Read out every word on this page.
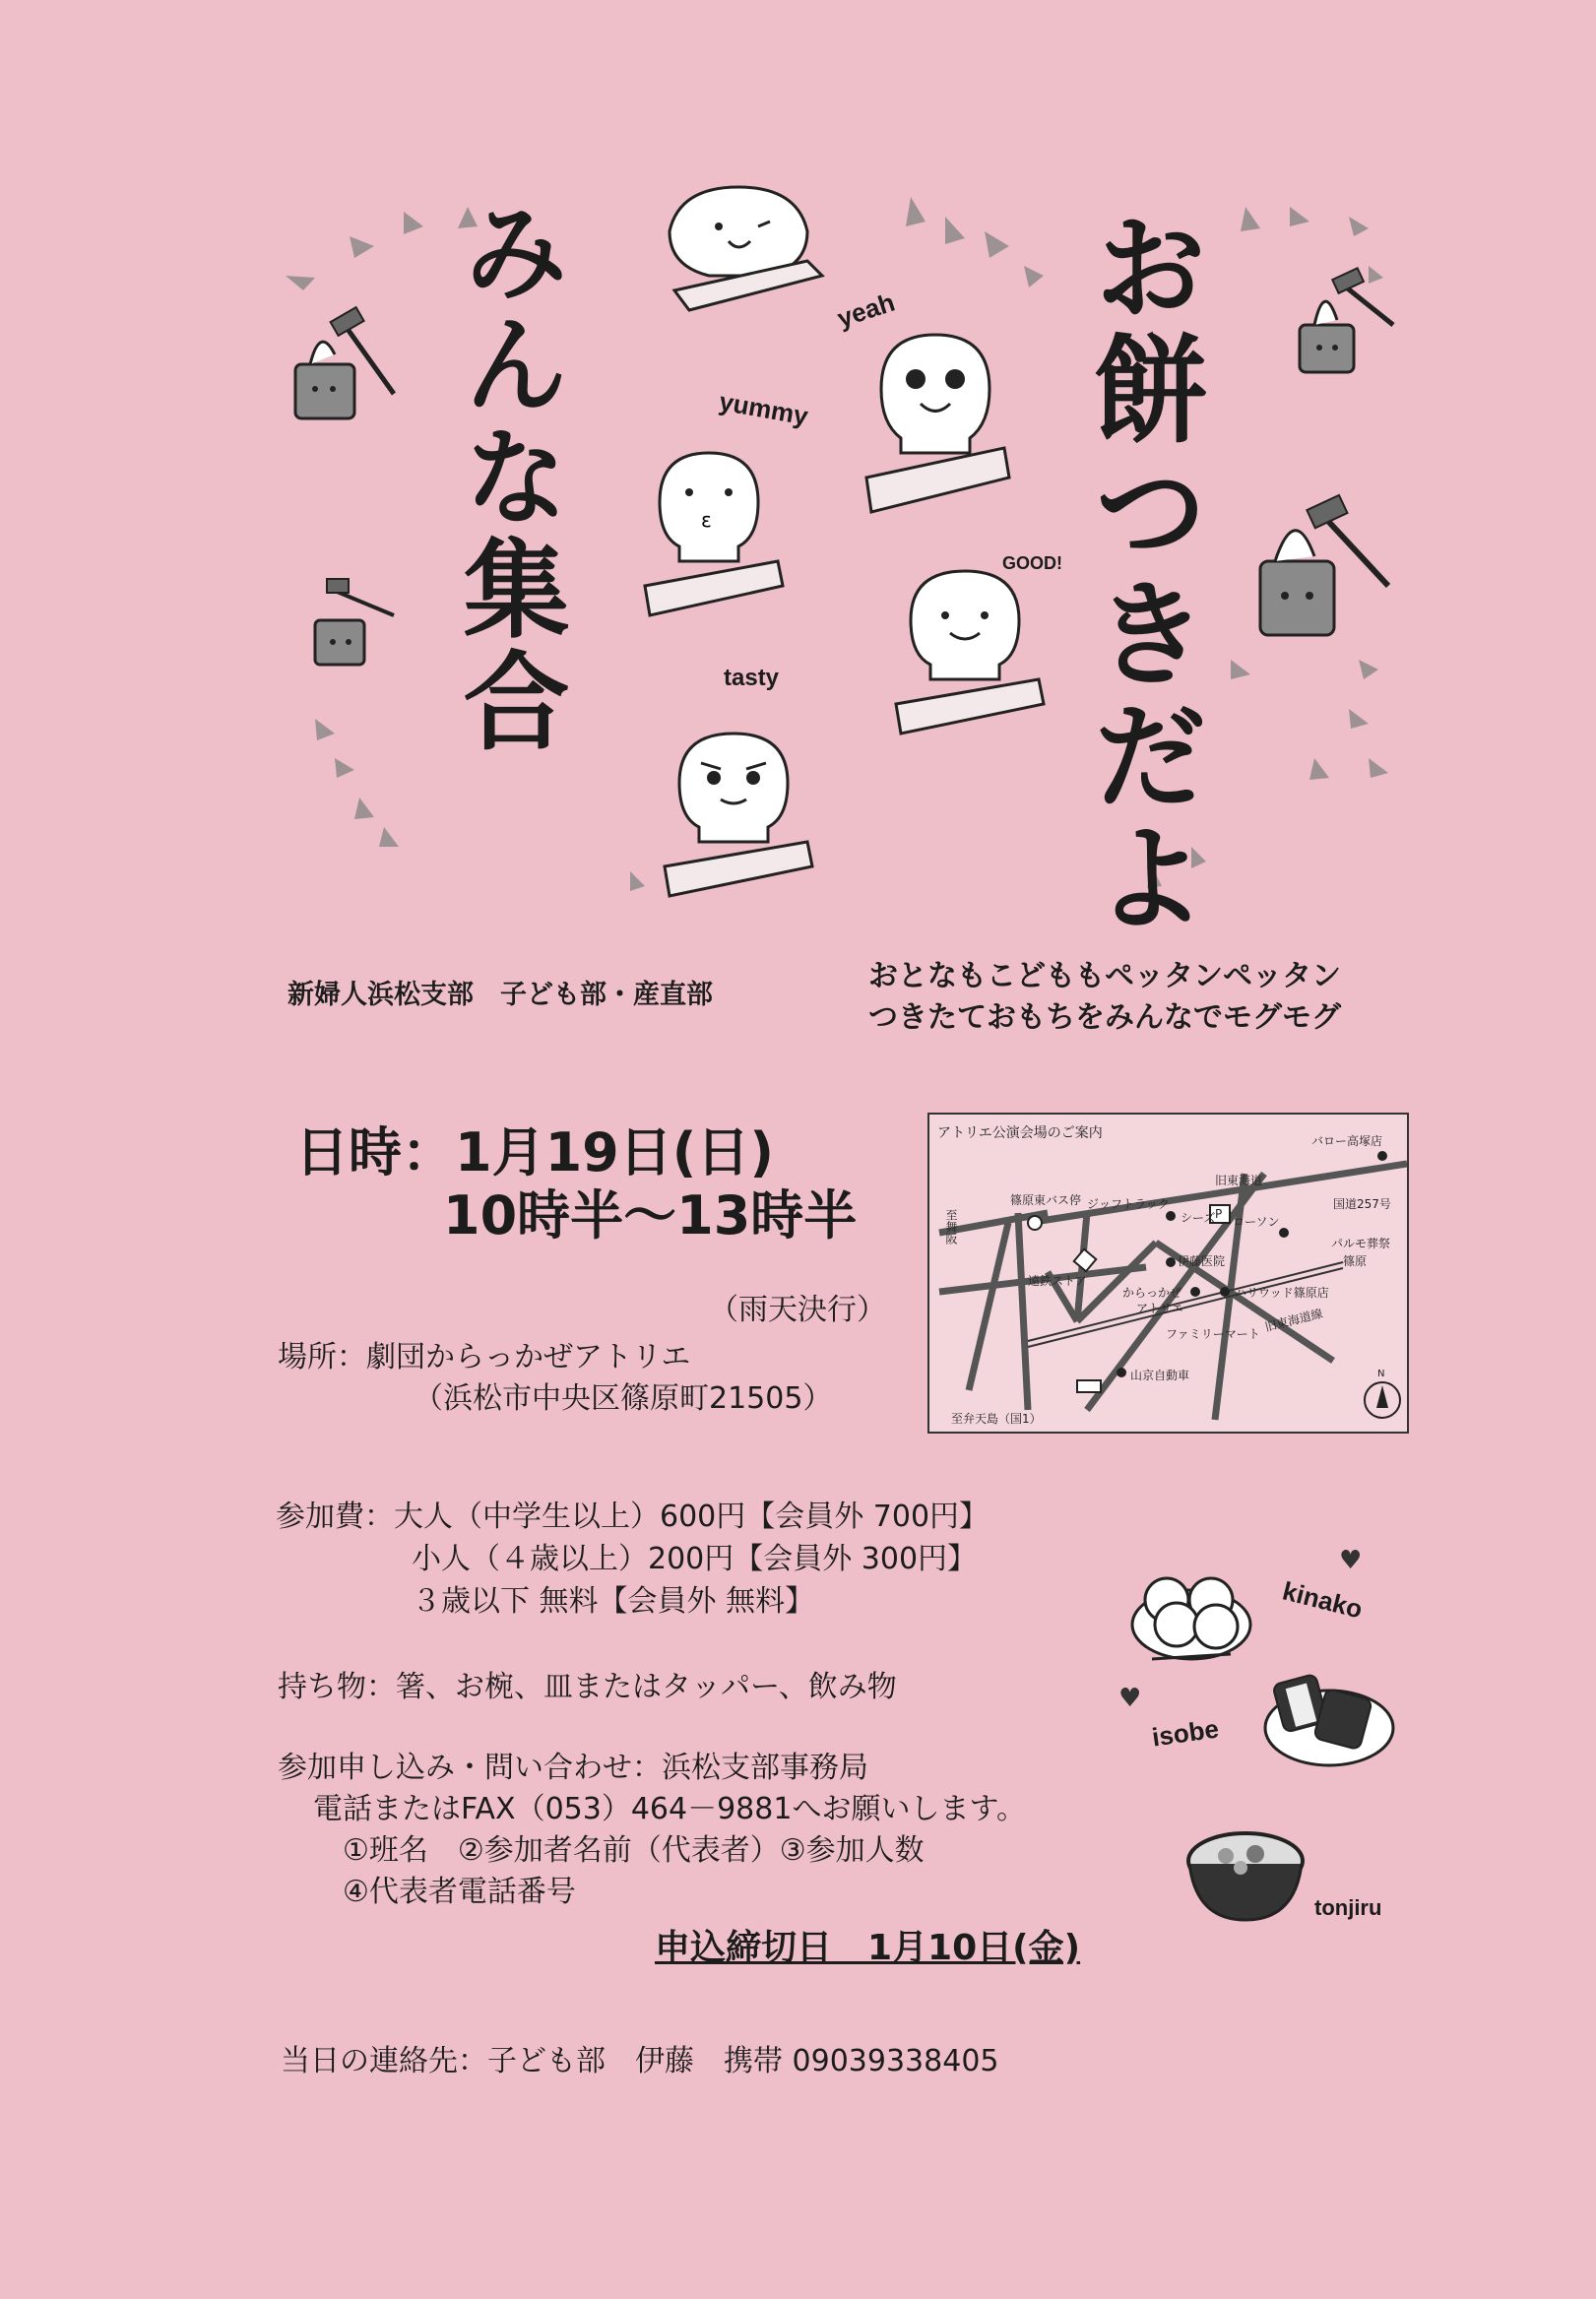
ε	お餅つきだよ
みんな集合	yeah
yummy
GOOD!
tasty
新婦人浜松支部　子ども部・産直部
おとなもこどももペッタンペッタン
つきたておもちをみんなでモグモグ
日時：1月19日(日)
10時半～13時半
（雨天決行）
場所：劇団からっかぜアトリエ
（浜松市中央区篠原町21505）
アトリエ公演会場のご案内	バロー高塚店
篠原東バス停 ジッフトラック
旧東海道
国道257号
シーズ ローソン
P
至舞阪	パルモ葬祭
篠原
伊藤医院
遠鉄ストア
からっかぜ
アトリエ
ハリウッド篠原店
ファミリーマート 旧東海道線
山京自動車
至弁天島（国1）
N
参加費：大人（中学生以上）600円【会員外 700円】
小人（４歳以上）200円【会員外 300円】
３歳以下 無料【会員外 無料】
持ち物：箸、お椀、皿またはタッパー、飲み物
参加申し込み・問い合わせ：浜松支部事務局
電話またはFAX（053）464－9881へお願いします。
①班名　②参加者名前（代表者）③参加人数
④代表者電話番号
申込締切日　1月10日(金)
当日の連絡先：子ども部　伊藤　携帯 09039338405
kinako
♥
isobe
♥
tonjiru
